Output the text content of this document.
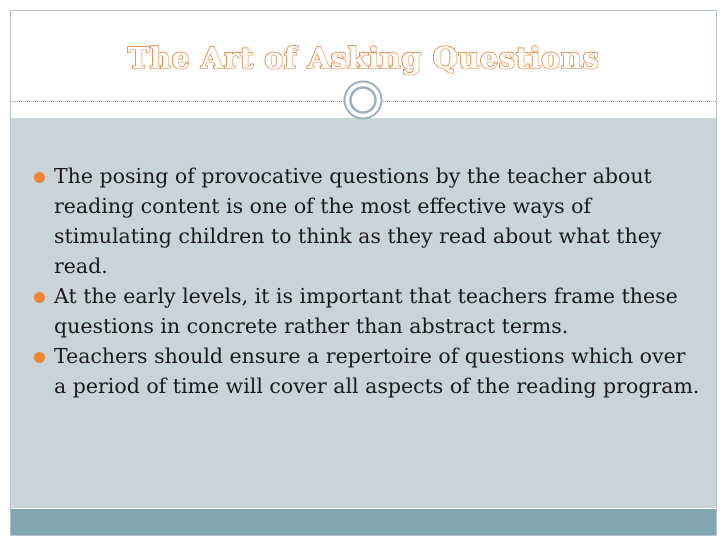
The Art of Asking Questions
The posing of provocative questions by the teacher about reading content is one of the most effective ways of stimulating children to think as they read about what they read.
At the early levels, it is important that teachers frame these questions in concrete rather than abstract terms.
Teachers should ensure a repertoire of questions which over a period of time will cover all aspects of the reading program.
